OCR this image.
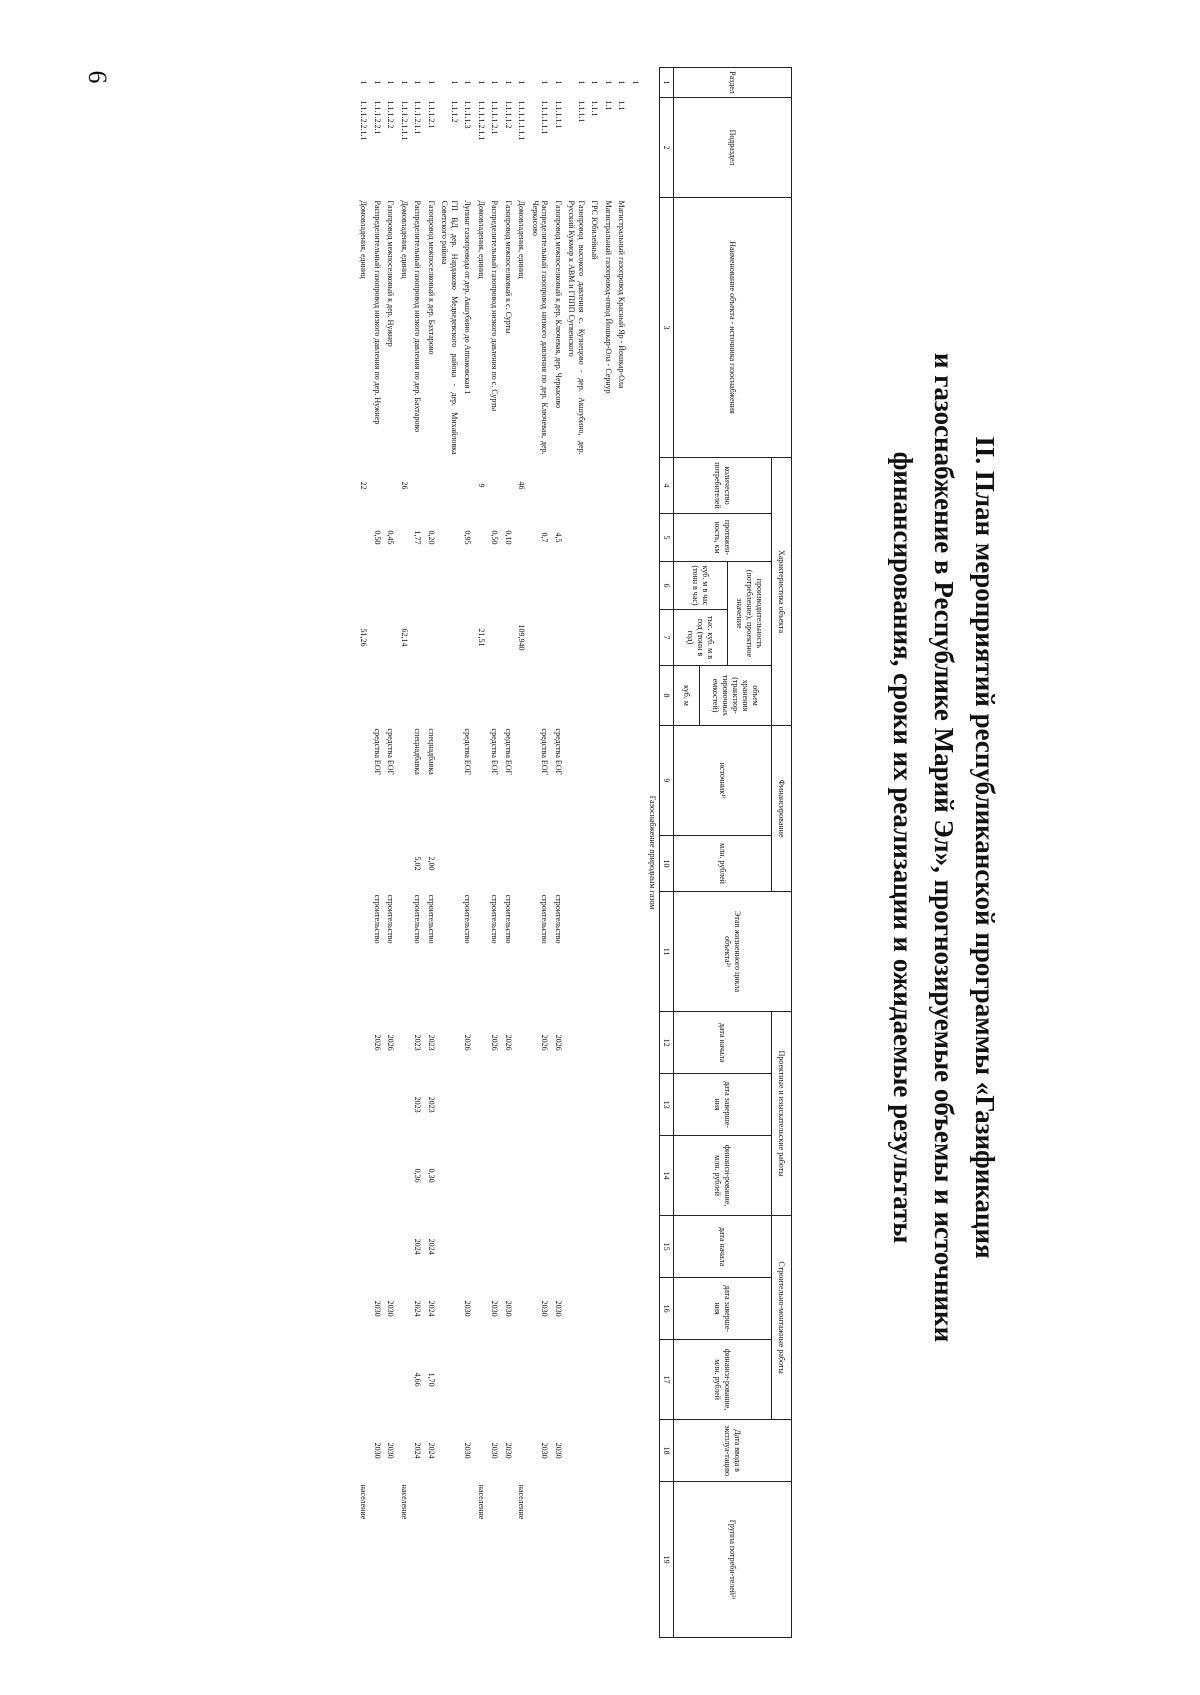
6
II. План мероприятий республиканской программы «Газификация
и газоснабжение в Республике Марий Эл», прогнозируемые объемы и источники
финансирования, сроки их реализации и ожидаемые результаты
Раздел	Подраздел	Наименование объекта - источника газоснабжения	Характеристика объекта					Финансирование		Этап жизненного цикла объекта²⁾	Проектные и изыскательские работы			Строительно-монтажные работы			Дата ввода в эксплуа-тацию	Группа потреби-телей³⁾
			количество потребителей	протяжен-ность, км	производительность (потребление), проектное значение		объем хранения (транспор-тировочных емкостей)	источник¹⁾	млн. рублей		дата начала	дата заверше-ния	финанси-рование, млн. рублей	дата начала	дата заверше-ния	финанси-рование, млн. рублей		
					куб. м в час (тонн в час)	тыс. куб. м в год (тонн в год)												
							куб. м											
1	2	3	4	5	6	7	8	9	10	11	12	13	14	15	16	17	18	19
Газоснабжение природным газом																		
1																		
1	1.1	Магистральный газопровод Красный Яр - Йошкар-Ола																
1	1.1	Магистральный газопровод-отвод Йошкар-Ола - Сернур																
1	1.1.1	ГРС Юбилейный																
1	1.1.1.1	Газопровод высокого давления с. Кузнецово - дер. Акшубино, дер. Русский Кукмор к АВМ и ГППП Сугвенского																
1	1.1.1.1.1	Газопровод межпоселковый к дер. Ключевая, дер. Черкасово		4,5				средства ЕОГ		строительство	2026				2030		2030	
1	1.1.1.1.1.1	Распределительный газопровод низкого давления по дер. Ключевая, дер. Черкасово		0,7				средства ЕОГ		строительство	2026				2030		2030	
1	1.1.1.1.1.1.1	Домовладения, единиц	46			109,940												население
1	1.1.1.1.2	Газопровод межпоселковый к с. Сурты		0,10				средства ЕОГ		строительство	2026				2030		2030	
1	1.1.1.1.2.1	Распределительный газопровод низкого давления по с. Сурты		0,50				средства ЕОГ		строительство	2026				2030		2030	
1	1.1.1.1.2.1.1	Домовладения, единиц	9			21,51												население
1	1.1.1.1.3	Лупинг газопровода от дер. Акшубино до Аппаковская 1		0,95				средства ЕОГ		строительство	2026				2030		2030	
1	1.1.1.2	ГП ВД дер. Нардаково Медведевского района - дер. Михайловка Советского района																
1	1.1.1.2.1	Газопровод межпоселковый к дер. Бахтарово		0,20				спецнадбавка	2,00	строительство	2023	2023	0,30	2024	2024	1,70	2024	
1	1.1.1.2.1.1	Распределительный газопровод низкого давления по дер. Бахтарово		1,77				спецнадбавка	5,02	строительство	2023	2023	0,36	2024	2024	4,66	2024	
1	1.1.1.2.1.1.1	Домовладения, единиц	26			62,14												население
1	1.1.1.2.2	Газопровод межпоселковый к дер. Нужнер		0,45				средства ЕОГ		строительство	2026				2030		2030	
1	1.1.1.2.2.1	Распределительный газопровод низкого давления по дер. Нужнер		0,50				средства ЕОГ		строительство	2026				2030		2030	
1	1.1.1.2.2.1.1	Домовладения, единиц	22			51,26												население
